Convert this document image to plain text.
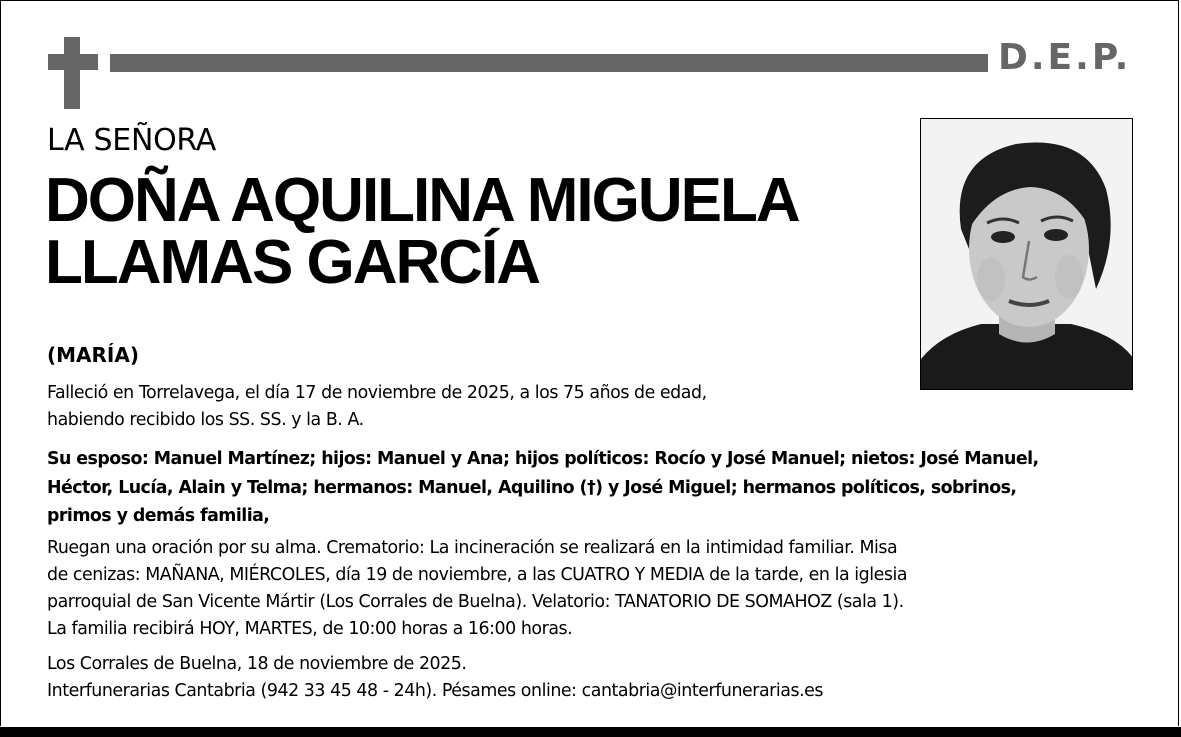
D.E.P.
LA SEÑORA
DOÑA AQUILINA MIGUELA
LLAMAS GARCÍA
(MARÍA)
Falleció en Torrelavega, el día 17 de noviembre de 2025, a los 75 años de edad,
habiendo recibido los SS. SS. y la B. A.
Su esposo: Manuel Martínez; hijos: Manuel y Ana; hijos políticos: Rocío y José Manuel; nietos: José Manuel,
Héctor, Lucía, Alain y Telma; hermanos: Manuel, Aquilino (†) y José Miguel; hermanos políticos, sobrinos,
primos y demás familia,
Ruegan una oración por su alma. Crematorio: La incineración se realizará en la intimidad familiar. Misa
de cenizas: MAÑANA, MIÉRCOLES, día 19 de noviembre, a las CUATRO Y MEDIA de la tarde, en la iglesia
parroquial de San Vicente Mártir (Los Corrales de Buelna). Velatorio: TANATORIO DE SOMAHOZ (sala 1).
La familia recibirá HOY, MARTES, de 10:00 horas a 16:00 horas.
Los Corrales de Buelna, 18 de noviembre de 2025.
Interfunerarias Cantabria (942 33 45 48 - 24h). Pésames online: cantabria@interfunerarias.es
